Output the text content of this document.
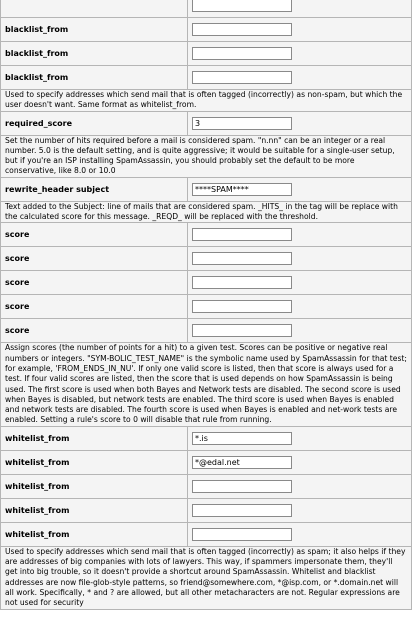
blacklist_from	

blacklist_from	

blacklist_from	

Used to specify addresses which send mail that is often tagged (incorrectly) as non-spam, but which the user doesn't want. Same format as whitelist_from.	
required_score	
3
Set the number of hits required before a mail is considered spam. "n.nn" can be an integer or a real number. 5.0 is the default setting, and is quite aggressive; it would be suitable for a single-user setup, but if you're an ISP installing SpamAssassin, you should probably set the default to be more conservative, like 8.0 or 10.0	
rewrite_header subject	
****SPAM****
Text added to the Subject: line of mails that are considered spam. _HITS_ in the tag will be replace with the calculated score for this message. _REQD_ will be replaced with the threshold.	
score	

score	

score	

score	

score	

Assign scores (the number of points for a hit) to a given test. Scores can be positive or negative real numbers or integers. "SYM-BOLIC_TEST_NAME" is the symbolic name used by SpamAssassin for that test; for example, 'FROM_ENDS_IN_NU'. If only one valid score is listed, then that score is always used for a test. If four valid scores are listed, then the score that is used depends on how SpamAssassin is being used. The first score is used when both Bayes and Network tests are disabled. The second score is used when Bayes is disabled, but network tests are enabled. The third score is used when Bayes is enabled and network tests are disabled. The fourth score is used when Bayes is enabled and net-work tests are enabled. Setting a rule's score to 0 will disable that rule from running.	
whitelist_from	
*.is
whitelist_from	
*@edal.net
whitelist_from	

whitelist_from	

whitelist_from	

Used to specify addresses which send mail that is often tagged (incorrectly) as spam; it also helps if they are addresses of big companies with lots of lawyers. This way, if spammers impersonate them, they'll get into big trouble, so it doesn't provide a shortcut around SpamAssassin. Whitelist and blacklist addresses are now file-glob-style patterns, so friend@somewhere.com, *@isp.com, or *.domain.net will all work. Specifically, * and ? are allowed, but all other metacharacters are not. Regular expressions are not used for security	
